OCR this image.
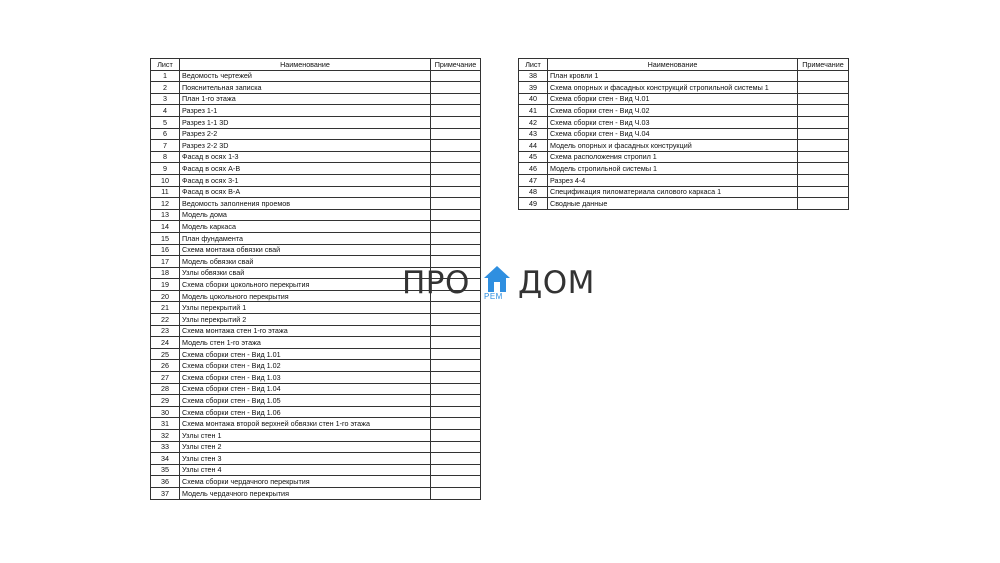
Лист	Наименование	Примечание
1	Ведомость чертежей	
2	Пояснительная записка	
3	План 1-го этажа	
4	Разрез 1-1	
5	Разрез 1-1 3D	
6	Разрез 2-2	
7	Разрез 2-2 3D	
8	Фасад в осях 1-3	
9	Фасад в осях А-В	
10	Фасад в осях 3-1	
11	Фасад в осях В-А	
12	Ведомость заполнения проемов	
13	Модель дома	
14	Модель каркаса	
15	План фундамента	
16	Схема монтажа обвязки свай	
17	Модель обвязки свай	
18	Узлы обвязки свай	
19	Схема сборки цокольного перекрытия	
20	Модель цокольного перекрытия	
21	Узлы перекрытий 1	
22	Узлы перекрытий 2	
23	Схема монтажа стен 1-го этажа	
24	Модель стен 1-го этажа	
25	Схема сборки стен - Вид 1.01	
26	Схема сборки стен - Вид 1.02	
27	Схема сборки стен - Вид 1.03	
28	Схема сборки стен - Вид 1.04	
29	Схема сборки стен - Вид 1.05	
30	Схема сборки стен - Вид 1.06	
31	Схема монтажа второй верхней обвязки стен 1-го этажа	
32	Узлы стен 1	
33	Узлы стен 2	
34	Узлы стен 3	
35	Узлы стен 4	
36	Схема сборки чердачного перекрытия	
37	Модель чердачного перекрытия	
Лист	Наименование	Примечание
38	План кровли 1	
39	Схема опорных и фасадных конструкций стропильной системы 1	
40	Схема сборки стен - Вид Ч.01	
41	Схема сборки стен - Вид Ч.02	
42	Схема сборки стен - Вид Ч.03	
43	Схема сборки стен - Вид Ч.04	
44	Модель опорных и фасадных конструкций	
45	Схема расположения стропил 1	
46	Модель стропильной системы 1	
47	Разрез 4-4	
48	Спецификация пиломатериала силового каркаса 1	
49	Сводные данные	
ПРО РЕМ ДОМ
